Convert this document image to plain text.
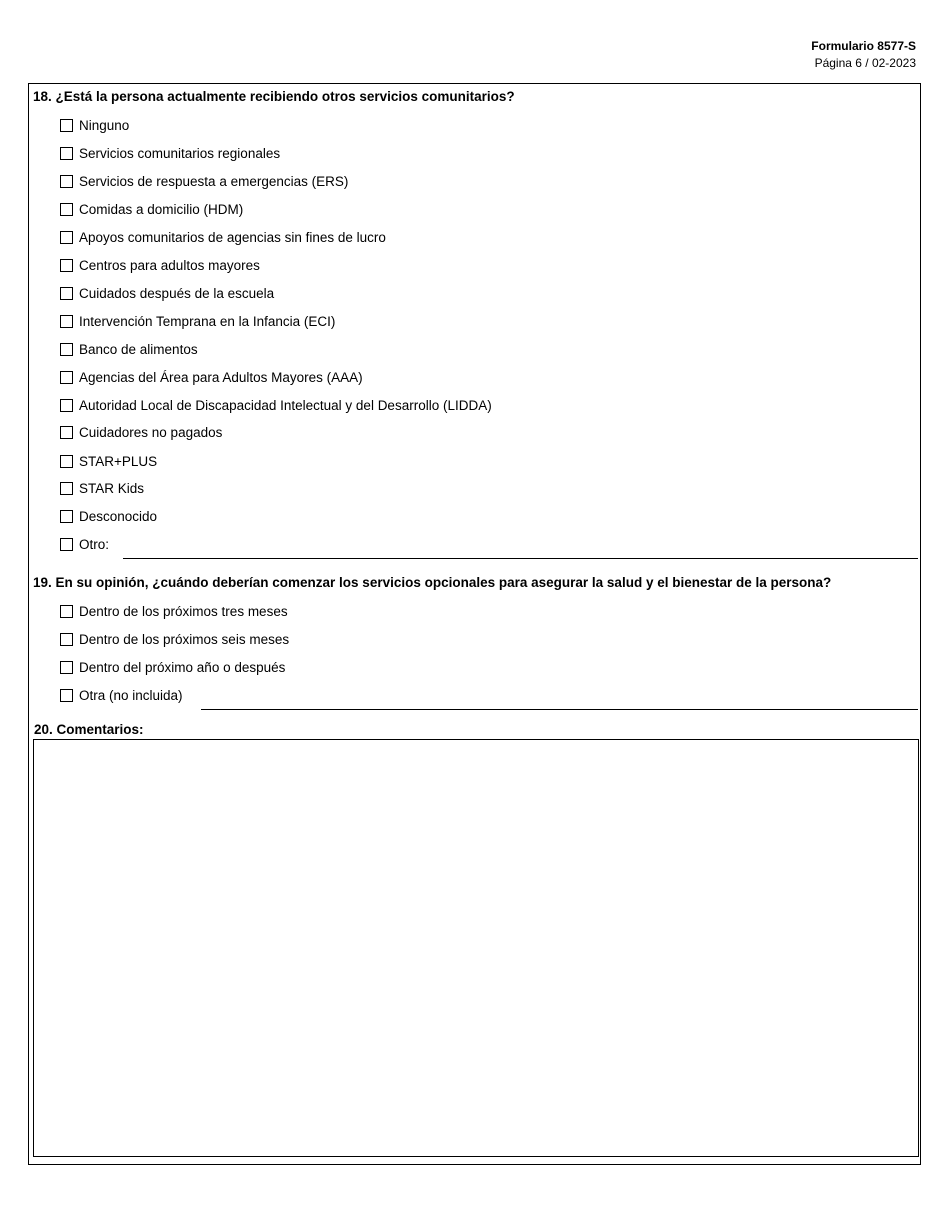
Formulario 8577-S
Página 6 / 02-2023
18. ¿Está la persona actualmente recibiendo otros servicios comunitarios?
Ninguno
Servicios comunitarios regionales
Servicios de respuesta a emergencias (ERS)
Comidas a domicilio (HDM)
Apoyos comunitarios de agencias sin fines de lucro
Centros para adultos mayores
Cuidados después de la escuela
Intervención Temprana en la Infancia (ECI)
Banco de alimentos
Agencias del Área para Adultos Mayores (AAA)
Autoridad Local de Discapacidad Intelectual y del Desarrollo (LIDDA)
Cuidadores no pagados
STAR+PLUS
STAR Kids
Desconocido
Otro:
19. En su opinión, ¿cuándo deberían comenzar los servicios opcionales para asegurar la salud y el bienestar de la persona?
Dentro de los próximos tres meses
Dentro de los próximos seis meses
Dentro del próximo año o después
Otra (no incluida)
20. Comentarios:
